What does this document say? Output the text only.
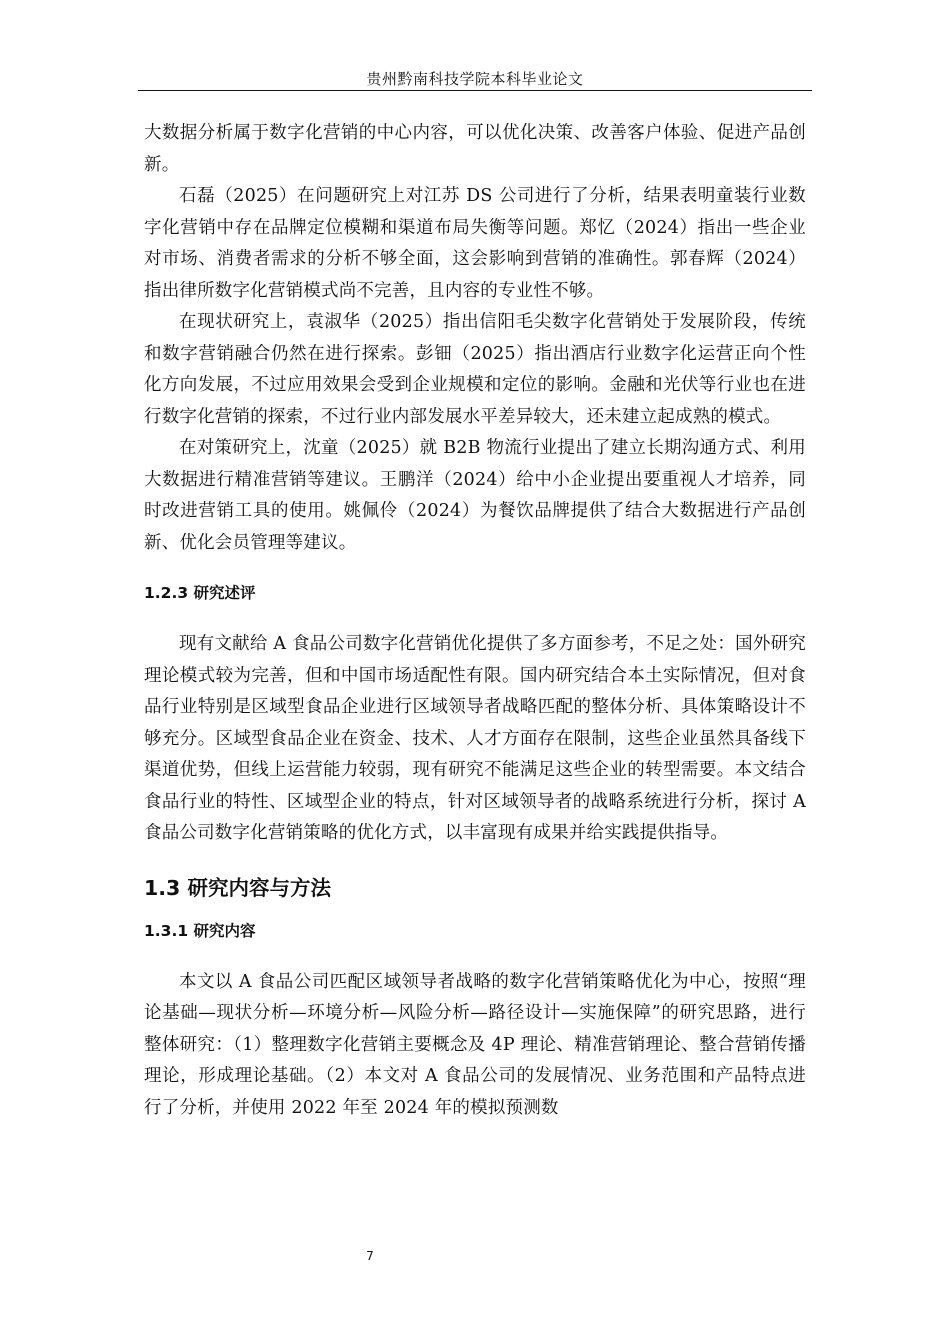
贵州黔南科技学院本科毕业论文

大数据分析属于数字化营销的中心内容，可以优化决策、改善客户体验、促进产品创新。

石磊（2025）在问题研究上对江苏 DS 公司进行了分析，结果表明童装行业数字化营销中存在品牌定位模糊和渠道布局失衡等问题。郑忆（2024）指出一些企业对市场、消费者需求的分析不够全面，这会影响到营销的准确性。郭春辉（2024）指出律所数字化营销模式尚不完善，且内容的专业性不够。

在现状研究上，袁淑华（2025）指出信阳毛尖数字化营销处于发展阶段，传统和数字营销融合仍然在进行探索。彭钿（2025）指出酒店行业数字化运营正向个性化方向发展，不过应用效果会受到企业规模和定位的影响。金融和光伏等行业也在进行数字化营销的探索，不过行业内部发展水平差异较大，还未建立起成熟的模式。

在对策研究上，沈童（2025）就 B2B 物流行业提出了建立长期沟通方式、利用大数据进行精准营销等建议。王鹏洋（2024）给中小企业提出要重视人才培养，同时改进营销工具的使用。姚佩伶（2024）为餐饮品牌提供了结合大数据进行产品创新、优化会员管理等建议。

1.2.3 研究述评

现有文献给 A 食品公司数字化营销优化提供了多方面参考，不足之处：国外研究理论模式较为完善，但和中国市场适配性有限。国内研究结合本土实际情况，但对食品行业特别是区域型食品企业进行区域领导者战略匹配的整体分析、具体策略设计不够充分。区域型食品企业在资金、技术、人才方面存在限制，这些企业虽然具备线下渠道优势，但线上运营能力较弱，现有研究不能满足这些企业的转型需要。本文结合食品行业的特性、区域型企业的特点，针对区域领导者的战略系统进行分析，探讨 A 食品公司数字化营销策略的优化方式，以丰富现有成果并给实践提供指导。

1.3 研究内容与方法
1.3.1 研究内容

本文以 A 食品公司匹配区域领导者战略的数字化营销策略优化为中心，按照“理论基础—现状分析—环境分析—风险分析—路径设计—实施保障”的研究思路，进行整体研究：（1）整理数字化营销主要概念及 4P 理论、精准营销理论、整合营销传播理论，形成理论基础。（2）本文对 A 食品公司的发展情况、业务范围和产品特点进行了分析，并使用 2022 年至 2024 年的模拟预测数

7
